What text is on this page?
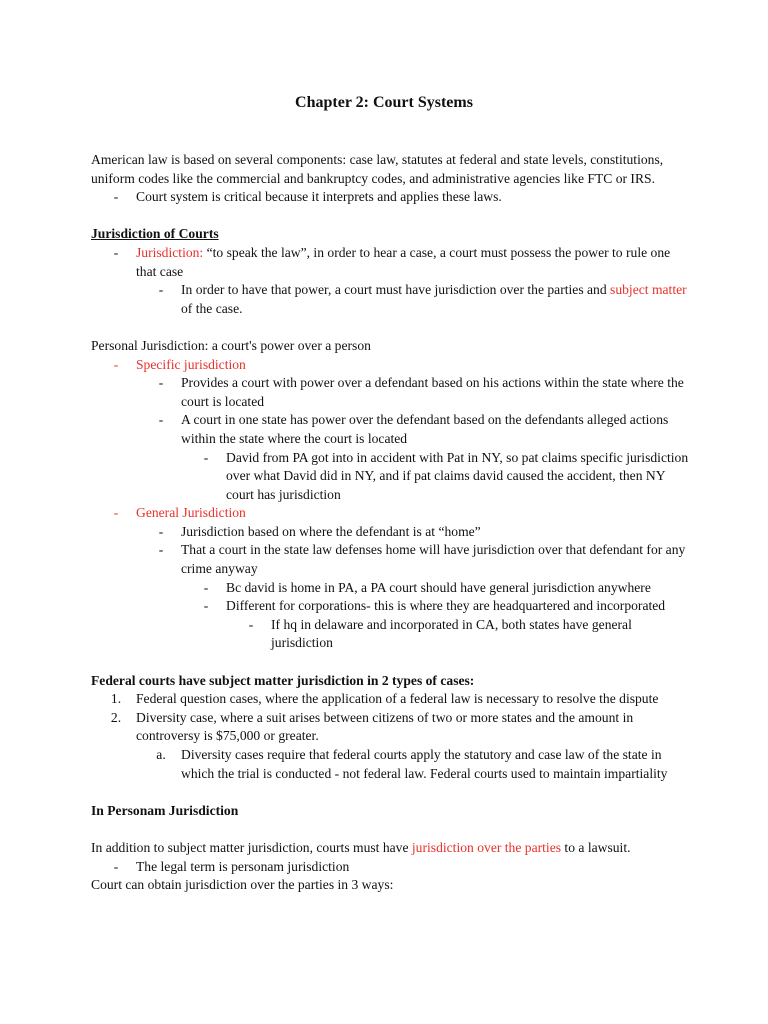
Chapter 2: Court Systems

American law is based on several components: case law, statutes at federal and state levels, constitutions, uniform codes like the commercial and bankruptcy codes, and administrative agencies like FTC or IRS.

-	Court system is critical because it interprets and applies these laws.

Jurisdiction of Courts

-	Jurisdiction: “to speak the law”, in order to hear a case, a court must possess the power to rule one that case
-	In order to have that power, a court must have jurisdiction over the parties and subject matter of the case.

Personal Jurisdiction: a court's power over a person

-	Specific jurisdiction
-	Provides a court with power over a defendant based on his actions within the state where the court is located
-	A court in one state has power over the defendant based on the defendants alleged actions within the state where the court is located
-	David from PA got into in accident with Pat in NY, so pat claims specific jurisdiction over what David did in NY, and if pat claims david caused the accident, then NY court has jurisdiction
-	General Jurisdiction
-	Jurisdiction based on where the defendant is at “home”
-	That a court in the state law defenses home will have jurisdiction over that defendant for any crime anyway
-	Bc david is home in PA, a PA court should have general jurisdiction anywhere
-	Different for corporations- this is where they are headquartered and incorporated
-	If hq in delaware and incorporated in CA, both states have general jurisdiction

Federal courts have subject matter jurisdiction in 2 types of cases:

1.	Federal question cases, where the application of a federal law is necessary to resolve the dispute
2.	Diversity case, where a suit arises between citizens of two or more states and the amount in controversy is $75,000 or greater.
a.	Diversity cases require that federal courts apply the statutory and case law of the state in which the trial is conducted - not federal law. Federal courts used to maintain impartiality

In Personam Jurisdiction

In addition to subject matter jurisdiction, courts must have jurisdiction over the parties to a lawsuit.

-	The legal term is personam jurisdiction

Court can obtain jurisdiction over the parties in 3 ways:
